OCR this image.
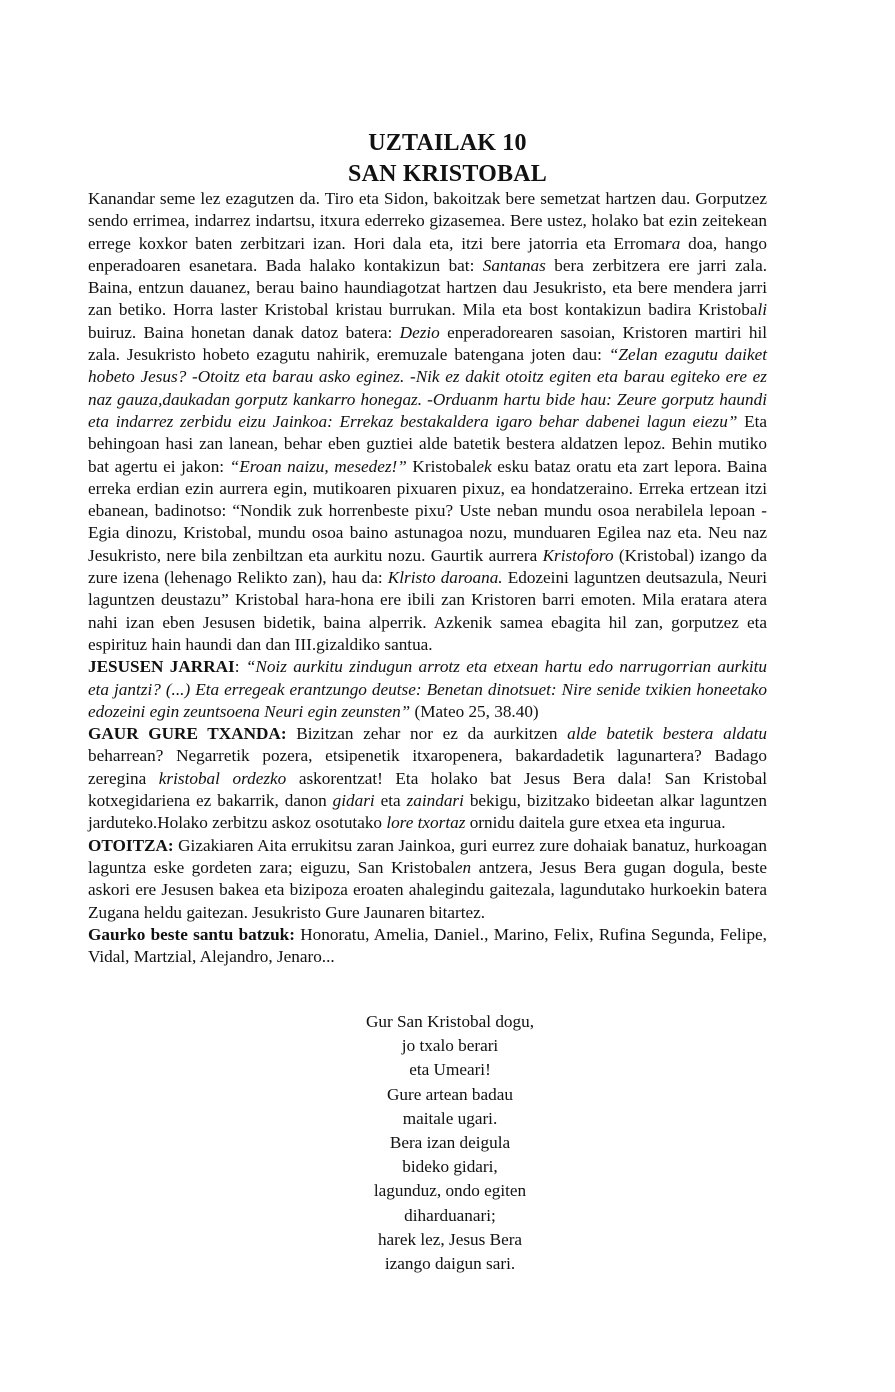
UZTAILAK 10
SAN KRISTOBAL

Kanandar seme lez ezagutzen da. Tiro eta Sidon, bakoitzak bere semetzat hartzen dau. Gorputzez sendo errimea, indarrez indartsu, itxura ederreko gizasemea. Bere ustez, holako bat ezin zeitekean errege koxkor baten zerbitzari izan. Hori dala eta, itzi bere jatorria eta Erromara doa, hango enperadoaren esanetara. Bada halako kontakizun bat: Santanas bera zerbitzera ere jarri zala. Baina, entzun dauanez, berau baino haundiagotzat hartzen dau Jesukristo, eta bere mendera jarri zan betiko. Horra laster Kristobal kristau burrukan. Mila eta bost kontakizun badira Kristobali buiruz. Baina honetan danak datoz batera: Dezio enperadorearen sasoian, Kristoren martiri hil zala. Jesukristo hobeto ezagutu nahirik, eremuzale batengana joten dau: “Zelan ezagutu daiket hobeto Jesus? -Otoitz eta barau asko eginez. -Nik ez dakit otoitz egiten eta barau egiteko ere ez naz gauza,daukadan gorputz kankarro honegaz. -Orduanm hartu bide hau: Zeure gorputz haundi eta indarrez zerbidu eizu Jainkoa: Errekaz bestakaldera igaro behar dabenei lagun eiezu” Eta behingoan hasi zan lanean, behar eben guztiei alde batetik bestera aldatzen lepoz. Behin mutiko bat agertu ei jakon: “Eroan naizu, mesedez!” Kristobalek esku bataz oratu eta zart lepora. Baina erreka erdian ezin aurrera egin, mutikoaren pixuaren pixuz, ea hondatzeraino. Erreka ertzean itzi ebanean, badinotso: “Nondik zuk horrenbeste pixu? Uste neban mundu osoa nerabilela lepoan - Egia dinozu, Kristobal, mundu osoa baino astunagoa nozu, munduaren Egilea naz eta. Neu naz Jesukristo, nere bila zenbiltzan eta aurkitu nozu. Gaurtik aurrera Kristoforo (Kristobal) izango da zure izena (lehenago Relikto zan), hau da: Klristo daroana. Edozeini laguntzen deutsazula, Neuri laguntzen deustazu” Kristobal hara-hona ere ibili zan Kristoren barri emoten. Mila eratara atera nahi izan eben Jesusen bidetik, baina alperrik. Azkenik samea ebagita hil zan, gorputzez eta espirituz hain haundi dan dan III.gizaldiko santua.

JESUSEN JARRAI: “Noiz aurkitu zindugun arrotz eta etxean hartu edo narrugorrian aurkitu eta jantzi? (...) Eta erregeak erantzungo deutse: Benetan dinotsuet: Nire senide txikien honeetako edozeini egin zeuntsoena Neuri egin zeunsten” (Mateo 25, 38.40)

GAUR GURE TXANDA: Bizitzan zehar nor ez da aurkitzen alde batetik bestera aldatu beharrean? Negarretik pozera, etsipenetik itxaropenera, bakardadetik lagunartera? Badago zeregina kristobal ordezko askorentzat! Eta holako bat Jesus Bera dala! San Kristobal kotxegidariena ez bakarrik, danon gidari eta zaindari bekigu, bizitzako bideetan alkar laguntzen jarduteko.Holako zerbitzu askoz osotutako lore txortaz ornidu daitela gure etxea eta ingurua.

OTOITZA: Gizakiaren Aita errukitsu zaran Jainkoa, guri eurrez zure dohaiak banatuz, hurkoagan laguntza eske gordeten zara; eiguzu, San Kristobalen antzera, Jesus Bera gugan dogula, beste askori ere Jesusen bakea eta bizipoza eroaten ahalegindu gaitezala, lagundutako hurkoekin batera Zugana heldu gaitezan. Jesukristo Gure Jaunaren bitartez.

Gaurko beste santu batzuk: Honoratu, Amelia, Daniel., Marino, Felix, Rufina Segunda, Felipe, Vidal, Martzial, Alejandro, Jenaro...

Gur San Kristobal dogu,
jo txalo berari
eta Umeari!
Gure artean badau
maitale ugari.
Bera izan deigula
bideko gidari,
lagunduz, ondo egiten
diharduanari;
harek lez, Jesus Bera
izango daigun sari.
